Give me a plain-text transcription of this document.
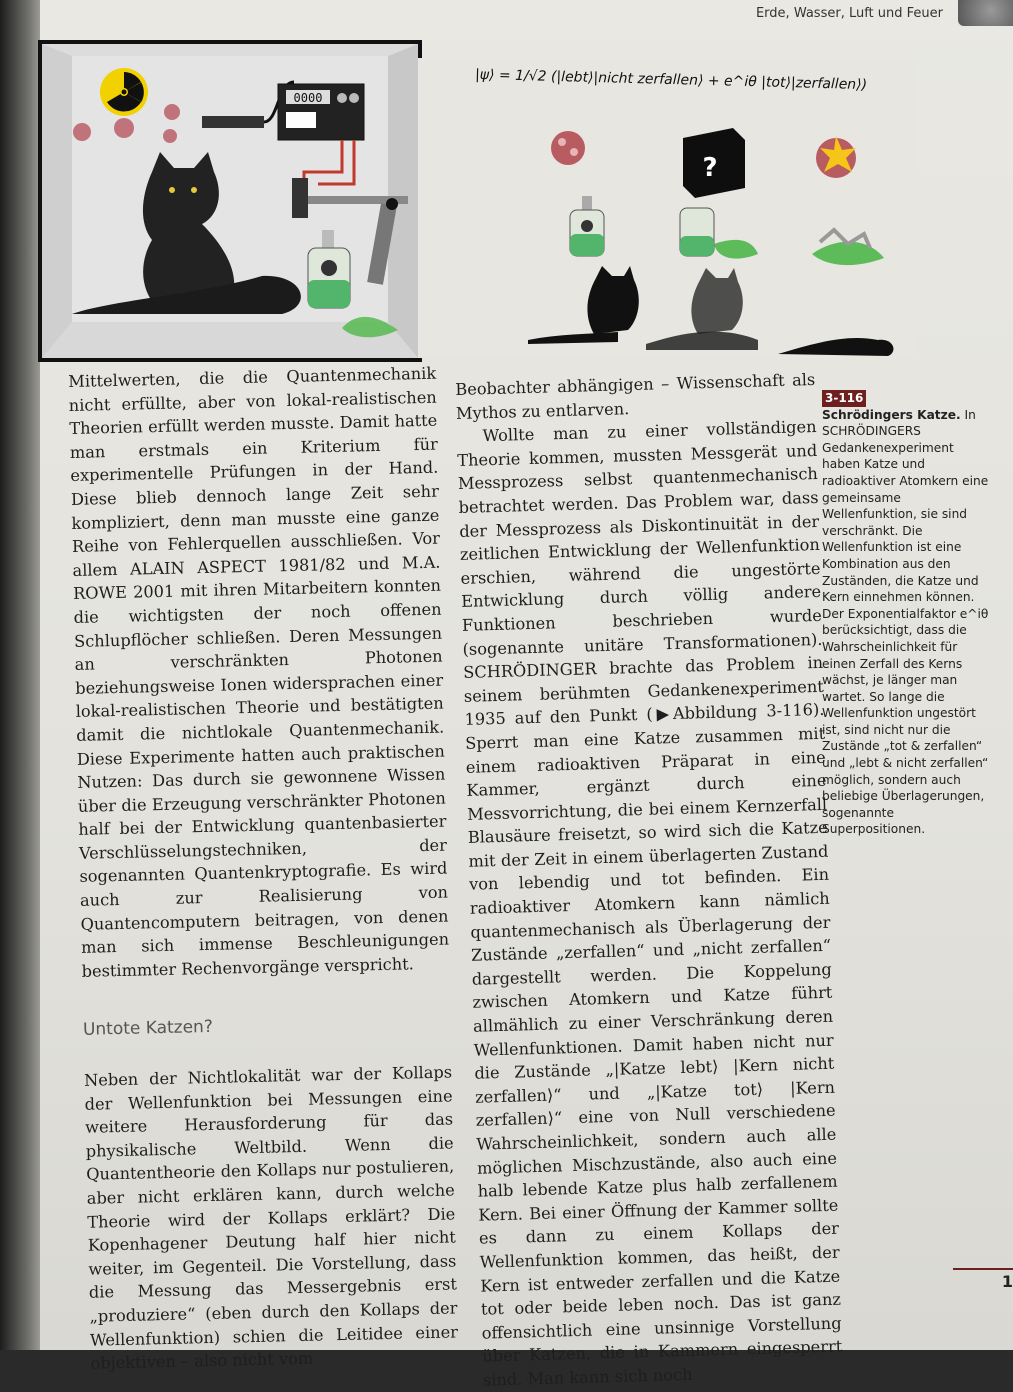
Erde, Wasser, Luft und Feuer
0000
?
|ψ⟩ = 1/√2 (|lebt⟩|nicht zerfallen⟩ + e^iθ |tot⟩|zerfallen⟩)

Mittelwerten, die die Quantenmechanik nicht erfüllte, aber von lokal-realistischen Theorien erfüllt werden musste. Damit hatte man erstmals ein Kriterium für experimentelle Prüfungen in der Hand. Diese blieb dennoch lange Zeit sehr kompliziert, denn man musste eine ganze Reihe von Fehlerquellen ausschließen. Vor allem ALAIN ASPECT 1981/82 und M.A. ROWE 2001 mit ihren Mitarbeitern konnten die wichtigsten der noch offenen Schlupflöcher schließen. Deren Messungen an verschränkten Photonen beziehungsweise Ionen widersprachen einer lokal-realistischen Theorie und bestätigten damit die nichtlokale Quantenmechanik. Diese Experimente hatten auch praktischen Nutzen: Das durch sie gewonnene Wissen über die Erzeugung verschränkter Photonen half bei der Entwicklung quantenbasierter Verschlüsselungstechniken, der sogenannten Quantenkryptografie. Es wird auch zur Realisierung von Quantencomputern beitragen, von denen man sich immense Beschleunigungen bestimmter Rechenvorgänge verspricht.

Untote Katzen?

Neben der Nichtlokalität war der Kollaps der Wellenfunktion bei Messungen eine weitere Herausforderung für das physikalische Weltbild. Wenn die Quantentheorie den Kollaps nur postulieren, aber nicht erklären kann, durch welche Theorie wird der Kollaps erklärt? Die Kopenhagener Deutung half hier nicht weiter, im Gegenteil. Die Vorstellung, dass die Messung das Messergebnis erst „produziere“ (eben durch den Kollaps der Wellenfunktion) schien die Leitidee einer objektiven – also nicht vom

Beobachter abhängigen – Wissenschaft als Mythos zu entlarven.

Wollte man zu einer vollständigen Theorie kommen, mussten Messgerät und Messprozess selbst quantenmechanisch betrachtet werden. Das Problem war, dass der Messprozess als Diskontinuität in der zeitlichen Entwicklung der Wellenfunktion erschien, während die ungestörte Entwicklung durch völlig andere Funktionen beschrieben wurde (sogenannte unitäre Transformationen). SCHRÖDINGER brachte das Problem in seinem berühmten Gedankenexperiment 1935 auf den Punkt (▶Abbildung 3-116). Sperrt man eine Katze zusammen mit einem radioaktiven Präparat in eine Kammer, ergänzt durch eine Messvorrichtung, die bei einem Kernzerfall Blausäure freisetzt, so wird sich die Katze mit der Zeit in einem überlagerten Zustand von lebendig und tot befinden. Ein radioaktiver Atomkern kann nämlich quantenmechanisch als Überlagerung der Zustände „zerfallen“ und „nicht zerfallen“ dargestellt werden. Die Koppelung zwischen Atomkern und Katze führt allmählich zu einer Verschränkung deren Wellenfunktionen. Damit haben nicht nur die Zustände „|Katze lebt⟩ |Kern nicht zerfallen⟩“ und „|Katze tot⟩ |Kern zerfallen⟩“ eine von Null verschiedene Wahrscheinlichkeit, sondern auch alle möglichen Mischzustände, also auch eine halb lebende Katze plus halb zerfallenem Kern. Bei einer Öffnung der Kammer sollte es dann zu einem Kollaps der Wellenfunktion kommen, das heißt, der Kern ist entweder zerfallen und die Katze tot oder beide leben noch. Das ist ganz offensichtlich eine unsinnige Vorstellung über Katzen, die in Kammern eingesperrt sind. Man kann sich noch

3-116
Schrödingers Katze. In SCHRÖDINGERS Gedankenexperiment haben Katze und radioaktiver Atomkern eine gemeinsame Wellenfunktion, sie sind verschränkt. Die Wellenfunktion ist eine Kombination aus den Zuständen, die Katze und Kern einnehmen können. Der Exponentialfaktor e^iθ berücksichtigt, dass die Wahrscheinlichkeit für einen Zerfall des Kerns wächst, je länger man wartet. So lange die Wellenfunktion ungestört ist, sind nicht nur die Zustände „tot & zerfallen“ und „lebt & nicht zerfallen“ möglich, sondern auch beliebige Überlagerungen, sogenannte Superpositionen.
1
